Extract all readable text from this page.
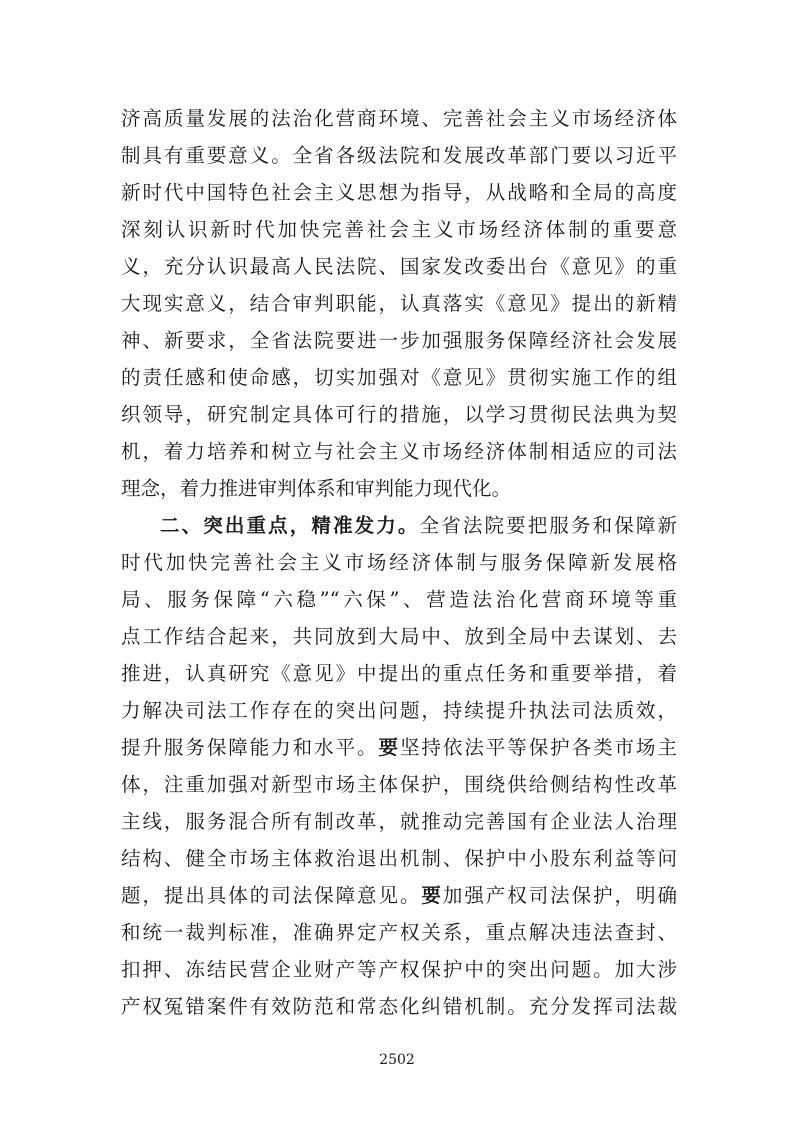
济高质量发展的法治化营商环境、完善社会主义市场经济体
制具有重要意义。全省各级法院和发展改革部门要以习近平
新时代中国特色社会主义思想为指导，从战略和全局的高度
深刻认识新时代加快完善社会主义市场经济体制的重要意
义，充分认识最高人民法院、国家发改委出台《意见》的重
大现实意义，结合审判职能，认真落实《意见》提出的新精
神、新要求，全省法院要进一步加强服务保障经济社会发展
的责任感和使命感，切实加强对《意见》贯彻实施工作的组
织领导，研究制定具体可行的措施，以学习贯彻民法典为契
机，着力培养和树立与社会主义市场经济体制相适应的司法
理念，着力推进审判体系和审判能力现代化。
二、突出重点，精准发力。全省法院要把服务和保障新
时代加快完善社会主义市场经济体制与服务保障新发展格
局、服务保障“六稳”“六保”、营造法治化营商环境等重
点工作结合起来，共同放到大局中、放到全局中去谋划、去
推进，认真研究《意见》中提出的重点任务和重要举措，着
力解决司法工作存在的突出问题，持续提升执法司法质效，
提升服务保障能力和水平。要坚持依法平等保护各类市场主
体，注重加强对新型市场主体保护，围绕供给侧结构性改革
主线，服务混合所有制改革，就推动完善国有企业法人治理
结构、健全市场主体救治退出机制、保护中小股东利益等问
题，提出具体的司法保障意见。要加强产权司法保护，明确
和统一裁判标准，准确界定产权关系，重点解决违法查封、
扣押、冻结民营企业财产等产权保护中的突出问题。加大涉
产权冤错案件有效防范和常态化纠错机制。充分发挥司法裁
2502
